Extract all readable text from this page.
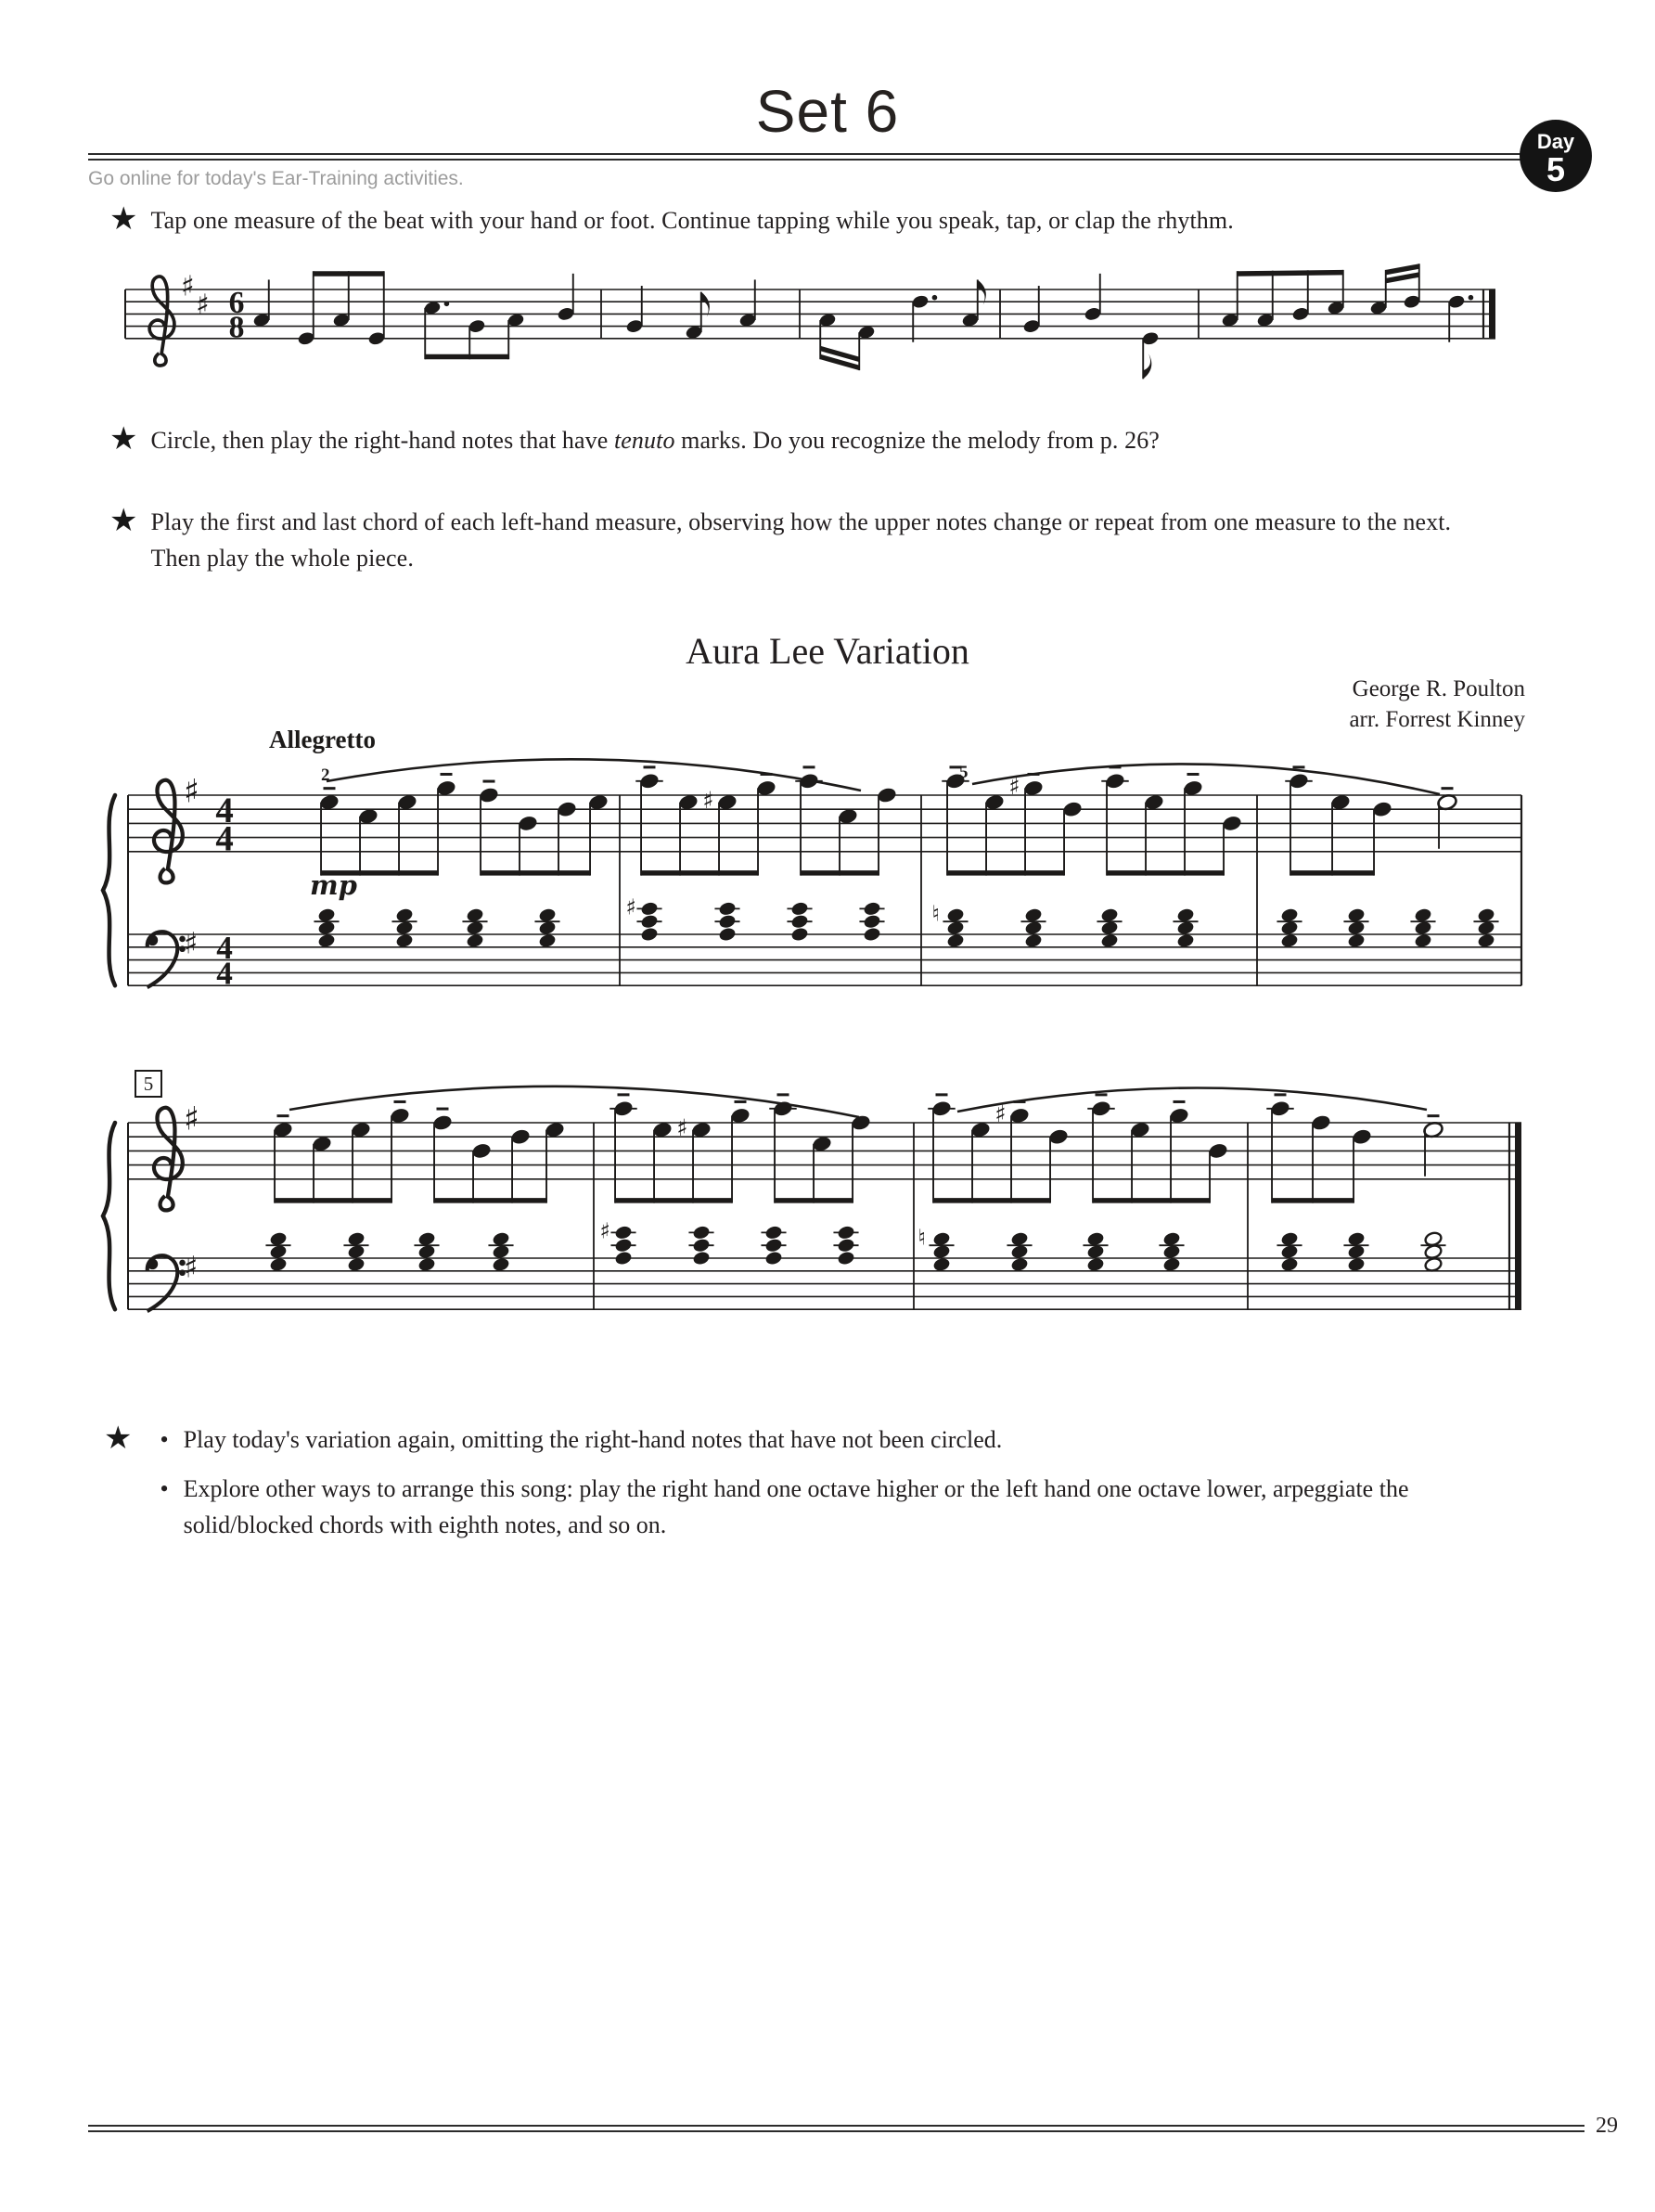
Set 6	Day
5
Go online for today's Ear-Training activities.
★ Tap one measure of the beat with your hand or foot. Continue tapping while you speak, tap, or clap the rhythm.
♯
♯ 6
8
★ Circle, then play the right-hand notes that have tenuto marks. Do you recognize the melody from p. 26?
★ Play the first and last chord of each left-hand measure, observing how the upper notes change or repeat from one measure to the next. Then play the whole piece.
Aura Lee Variation
George R. Poulton
arr. Forrest Kinney
♯ 4
4
♯ 4
4
♯
♯
♯	♮
Allegretto
2	5
mp
♯
♯
♯
♯
♯	♮
5
★ • Play today's variation again, omitting the right-hand notes that have not been circled.
• Explore other ways to arrange this song: play the right hand one octave higher or the left hand one octave lower, arpeggiate the solid/blocked chords with eighth notes, and so on.
29
